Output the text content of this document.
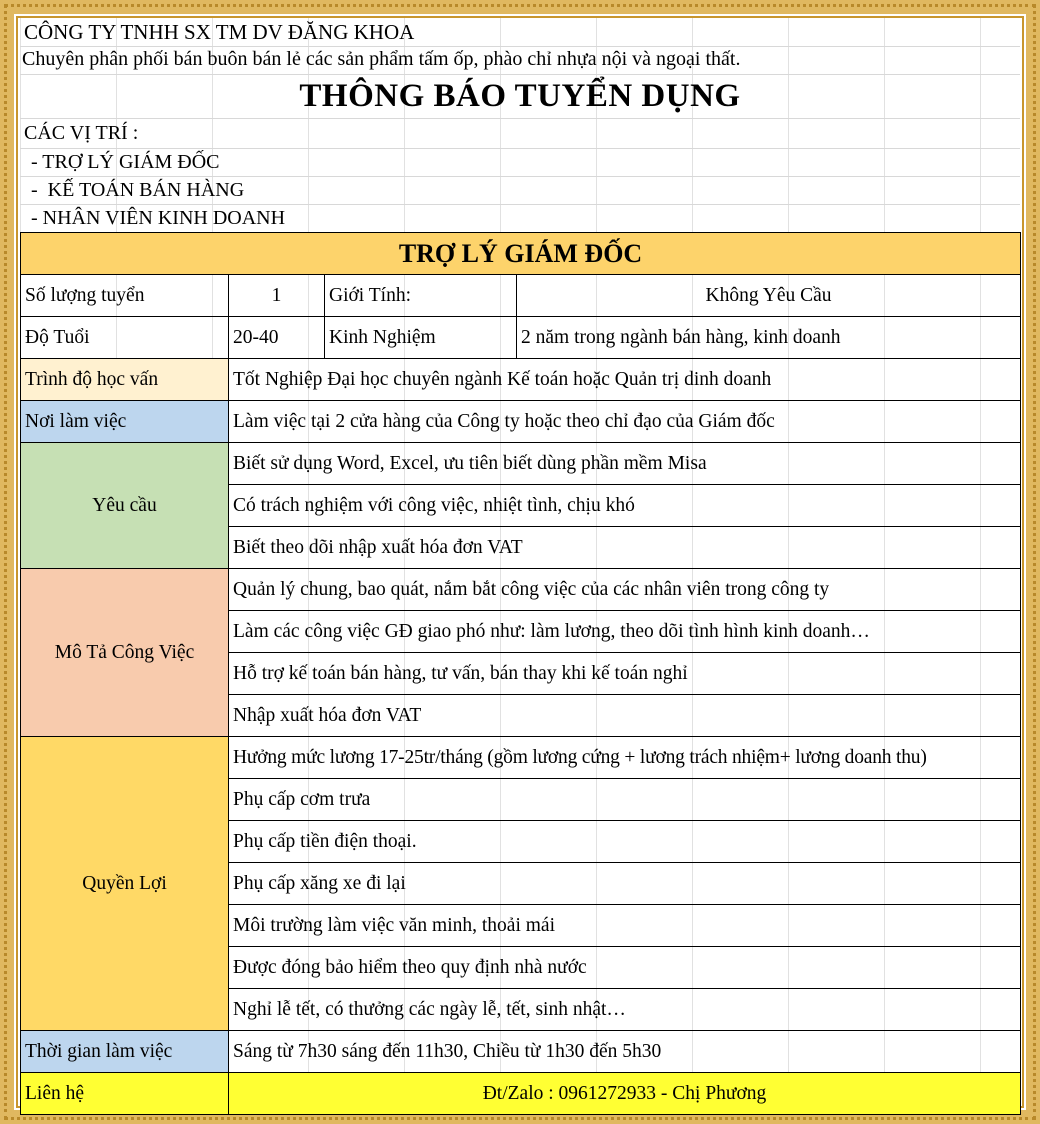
CÔNG TY TNHH SX TM DV ĐĂNG KHOA
Chuyên phân phối bán buôn bán lẻ các sản phẩm tấm ốp, phào chỉ nhựa nội và ngoại thất.
THÔNG BÁO TUYỂN DỤNG
CÁC VỊ TRÍ :
- TRỢ LÝ GIÁM ĐỐC
-  KẾ TOÁN BÁN HÀNG
- NHÂN VIÊN KINH DOANH
TRỢ LÝ GIÁM ĐỐC			
Số lượng tuyển	1	Giới Tính:	Không Yêu Cầu
Độ Tuổi	20-40	Kinh Nghiệm	2 năm trong ngành bán hàng, kinh doanh
Trình độ học vấn	Tốt Nghiệp Đại học chuyên ngành Kế toán hoặc Quản trị dinh doanh		
Nơi làm việc	Làm việc tại 2 cửa hàng của Công ty hoặc theo chỉ đạo của Giám đốc		
Yêu cầu	Biết sử dụng Word, Excel, ưu tiên biết dùng phần mềm Misa		
	Có trách nghiệm với công việc, nhiệt tình, chịu khó		
	Biết theo dõi nhập xuất hóa đơn VAT		
Mô Tả Công Việc	Quản lý chung, bao quát, nắm bắt công việc của các nhân viên trong công ty		
	Làm các công việc GĐ giao phó như: làm lương, theo dõi tình hình kinh doanh…		
	Hỗ trợ kế toán bán hàng, tư vấn, bán thay khi kế toán nghỉ		
	Nhập xuất hóa đơn VAT		
Quyền Lợi	Hưởng mức lương 17-25tr/tháng (gồm lương cứng + lương trách nhiệm+ lương doanh thu)		
	Phụ cấp cơm trưa		
	Phụ cấp tiền điện thoại.		
	Phụ cấp xăng xe đi lại		
	Môi trường làm việc văn minh, thoải mái		
	Được đóng bảo hiểm theo quy định nhà nước		
	Nghỉ lễ tết, có thưởng các ngày lễ, tết, sinh nhật…		
Thời gian làm việc	Sáng từ 7h30 sáng đến 11h30, Chiều từ 1h30 đến 5h30		
Liên hệ	Đt/Zalo : 0961272933 - Chị Phương		
